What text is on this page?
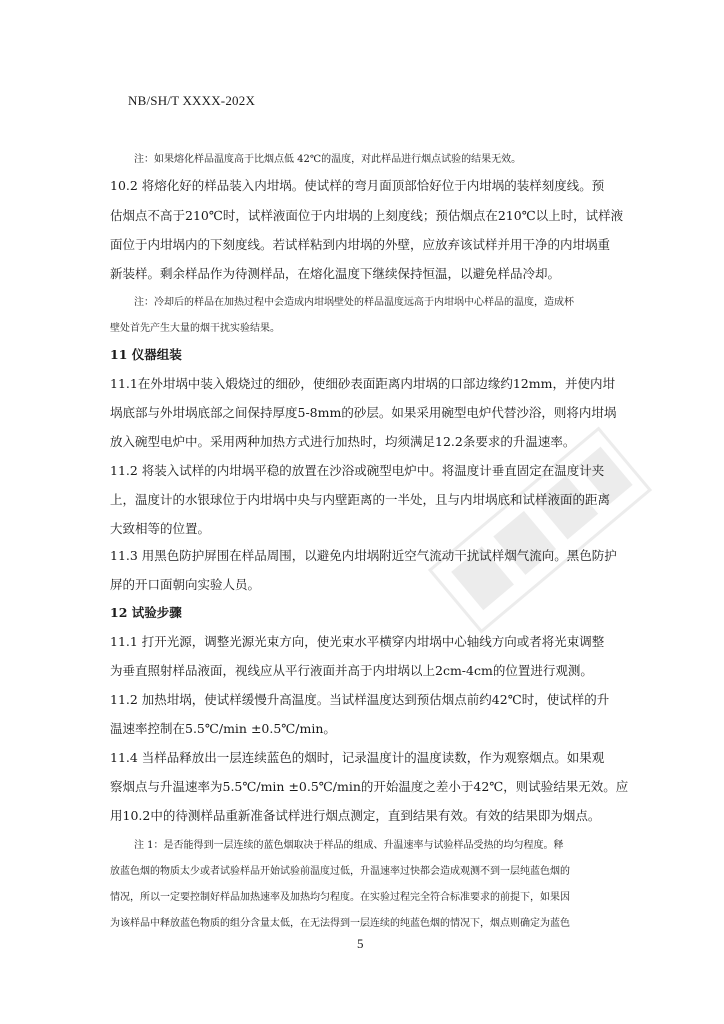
NB/SH/T XXXX-202X
注：如果熔化样品温度高于比烟点低 42℃的温度，对此样品进行烟点试验的结果无效。
10.2 将熔化好的样品装入内坩埚。使试样的弯月面顶部恰好位于内坩埚的装样刻度线。预
估烟点不高于210℃时，试样液面位于内坩埚的上刻度线；预估烟点在210℃以上时，试样液
面位于内坩埚内的下刻度线。若试样粘到内坩埚的外壁，应放弃该试样并用干净的内坩埚重
新装样。剩余样品作为待测样品，在熔化温度下继续保持恒温，以避免样品冷却。
注：冷却后的样品在加热过程中会造成内坩埚壁处的样品温度远高于内坩埚中心样品的温度，造成杯
壁处首先产生大量的烟干扰实验结果。
11 仪器组装
11.1在外坩埚中装入煅烧过的细砂，使细砂表面距离内坩埚的口部边缘约12mm，并使内坩
埚底部与外坩埚底部之间保持厚度5-8mm的砂层。如果采用碗型电炉代替沙浴，则将内坩埚
放入碗型电炉中。采用两种加热方式进行加热时，均须满足12.2条要求的升温速率。
11.2 将装入试样的内坩埚平稳的放置在沙浴或碗型电炉中。将温度计垂直固定在温度计夹
上，温度计的水银球位于内坩埚中央与内壁距离的一半处，且与内坩埚底和试样液面的距离
大致相等的位置。
11.3 用黑色防护屏围在样品周围，以避免内坩埚附近空气流动干扰试样烟气流向。黑色防护
屏的开口面朝向实验人员。
12 试验步骤
11.1 打开光源，调整光源光束方向，使光束水平横穿内坩埚中心轴线方向或者将光束调整
为垂直照射样品液面，视线应从平行液面并高于内坩埚以上2cm-4cm的位置进行观测。
11.2 加热坩埚，使试样缓慢升高温度。当试样温度达到预估烟点前约42℃时，使试样的升
温速率控制在5.5℃/min ±0.5℃/min。
11.4 当样品释放出一层连续蓝色的烟时，记录温度计的温度读数，作为观察烟点。如果观
察烟点与升温速率为5.5℃/min ±0.5℃/min的开始温度之差小于42℃，则试验结果无效。应
用10.2中的待测样品重新准备试样进行烟点测定，直到结果有效。有效的结果即为烟点。
注 1：是否能得到一层连续的蓝色烟取决于样品的组成、升温速率与试验样品受热的均匀程度。释
放蓝色烟的物质太少或者试验样品开始试验前温度过低，升温速率过快都会造成观测不到一层纯蓝色烟的
情况，所以一定要控制好样品加热速率及加热均匀程度。在实验过程完全符合标准要求的前提下，如果因
为该样品中释放蓝色物质的组分含量太低，在无法得到一层连续的纯蓝色烟的情况下，烟点则确定为蓝色
5
